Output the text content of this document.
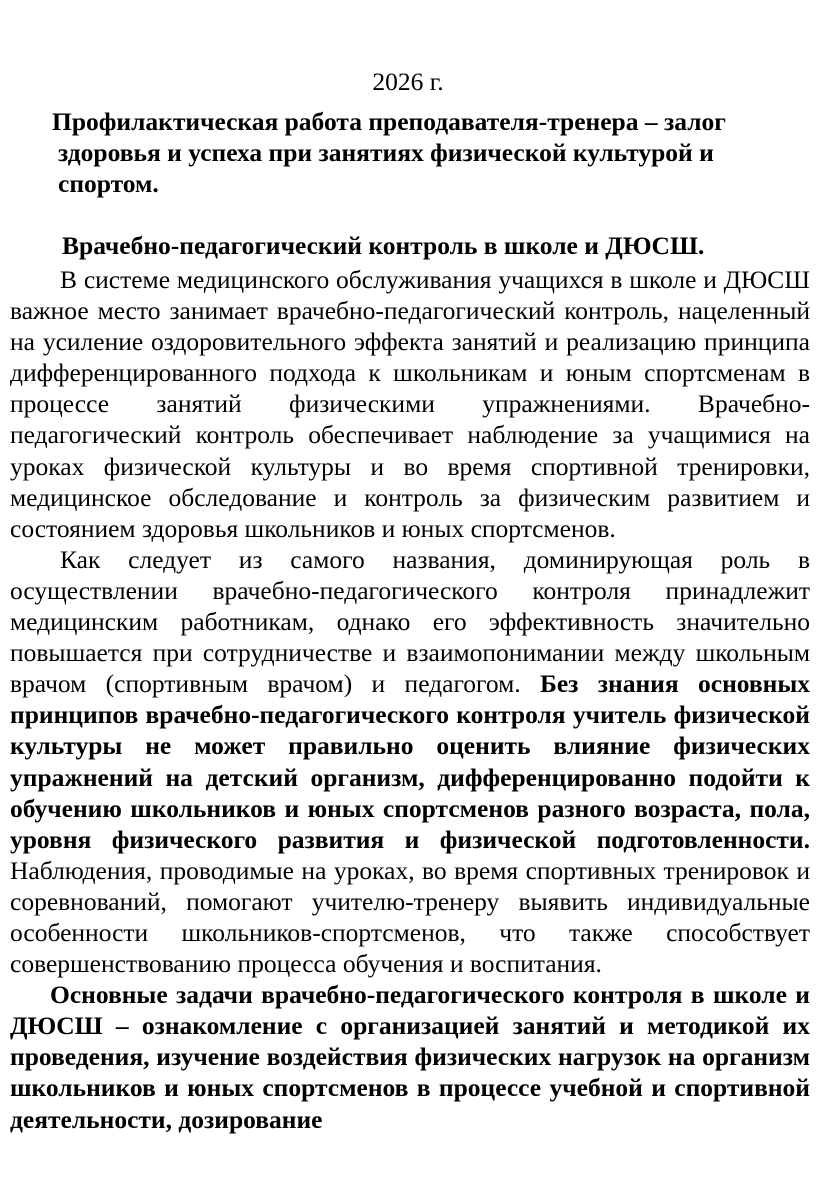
2026 г.
Профилактическая работа преподавателя-тренера – залог
здоровья и успеха при занятиях физической культурой и
спортом.
Врачебно-педагогический контроль в школе и ДЮСШ.

В системе медицинского обслуживания учащихся в школе и ДЮСШ важное место занимает врачебно-педагогический контроль, нацеленный на усиление оздоровительного эффекта занятий и реализацию принципа дифференцированного подхода к школьникам и юным спортсменам в процессе занятий физическими упражнениями. Врачебно-педагогический контроль обеспечивает наблюдение за учащимися на уроках физической культуры и во время спортивной тренировки, медицинское обследование и контроль за физическим развитием и состоянием здоровья школьников и юных спортсменов.

Как следует из самого названия, доминирующая роль в осуществлении врачебно-педагогического контроля принадлежит медицинским работникам, однако его эффективность значительно повышается при сотрудничестве и взаимопонимании между школьным врачом (спортивным врачом) и педагогом. Без знания основных принципов врачебно-педагогического контроля учитель физической культуры не может правильно оценить влияние физических упражнений на детский организм, дифференцированно подойти к обучению школьников и юных спортсменов разного возраста, пола, уровня физического развития и физической подготовленности. Наблюдения, проводимые на уроках, во время спортивных тренировок и соревнований, помогают учителю-тренеру выявить индивидуальные особенности школьников-спортсменов, что также способствует совершенствованию процесса обучения и воспитания.

Основные задачи врачебно-педагогического контроля в школе и ДЮСШ – ознакомление с организацией занятий и методикой их проведения, изучение воздействия физических нагрузок на организм школьников и юных спортсменов в процессе учебной и спортивной деятельности, дозирование
